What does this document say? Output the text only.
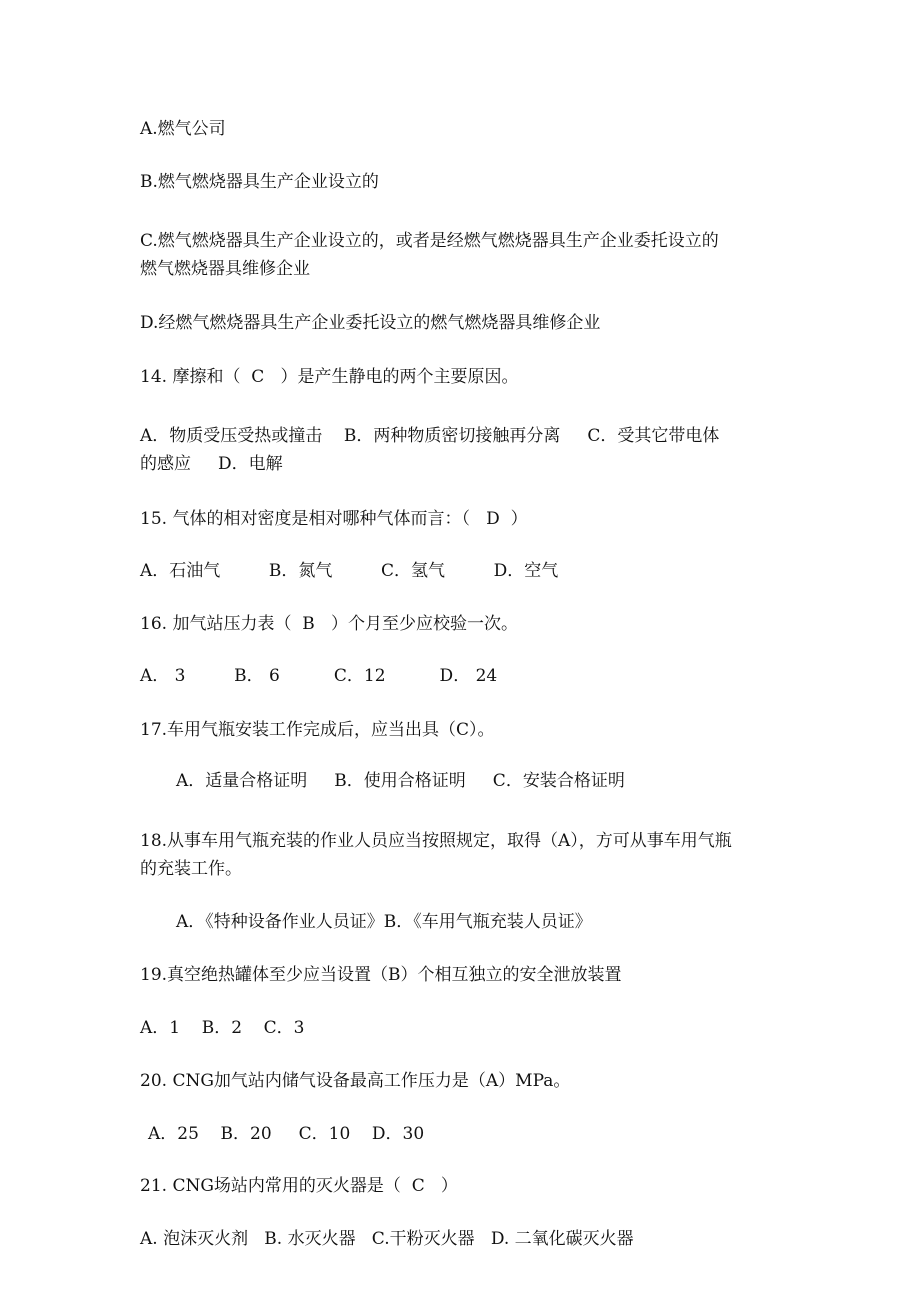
A.燃气公司
B.燃气燃烧器具生产企业设立的
C.燃气燃烧器具生产企业设立的，或者是经燃气燃烧器具生产企业委托设立的
燃气燃烧器具维修企业
D.经燃气燃烧器具生产企业委托设立的燃气燃烧器具维修企业
14. 摩擦和（  C   ）是产生静电的两个主要原因。
A．物质受压受热或撞击    B．两种物质密切接触再分离     C．受其它带电体
的感应     D．电解
15. 气体的相对密度是相对哪种气体而言：（   D  ）
A．石油气         B．氮气         C．氢气         D．空气
16. 加气站压力表（  B   ）个月至少应校验一次。
A． 3         B． 6          C．12          D． 24
17.车用气瓶安装工作完成后，应当出具（C）。
A．适量合格证明     B．使用合格证明     C．安装合格证明
18.从事车用气瓶充装的作业人员应当按照规定，取得（A），方可从事车用气瓶
的充装工作。
A．《特种设备作业人员证》B．《车用气瓶充装人员证》
19.真空绝热罐体至少应当设置（B）个相互独立的安全泄放装置
A．1    B．2    C．3
20. CNG加气站内储气设备最高工作压力是（A）MPa。
A．25    B．20     C．10    D．30
21. CNG场站内常用的灭火器是（  C   ）
A. 泡沫灭火剂   B. 水灭火器   C.干粉灭火器   D. 二氧化碳灭火器
